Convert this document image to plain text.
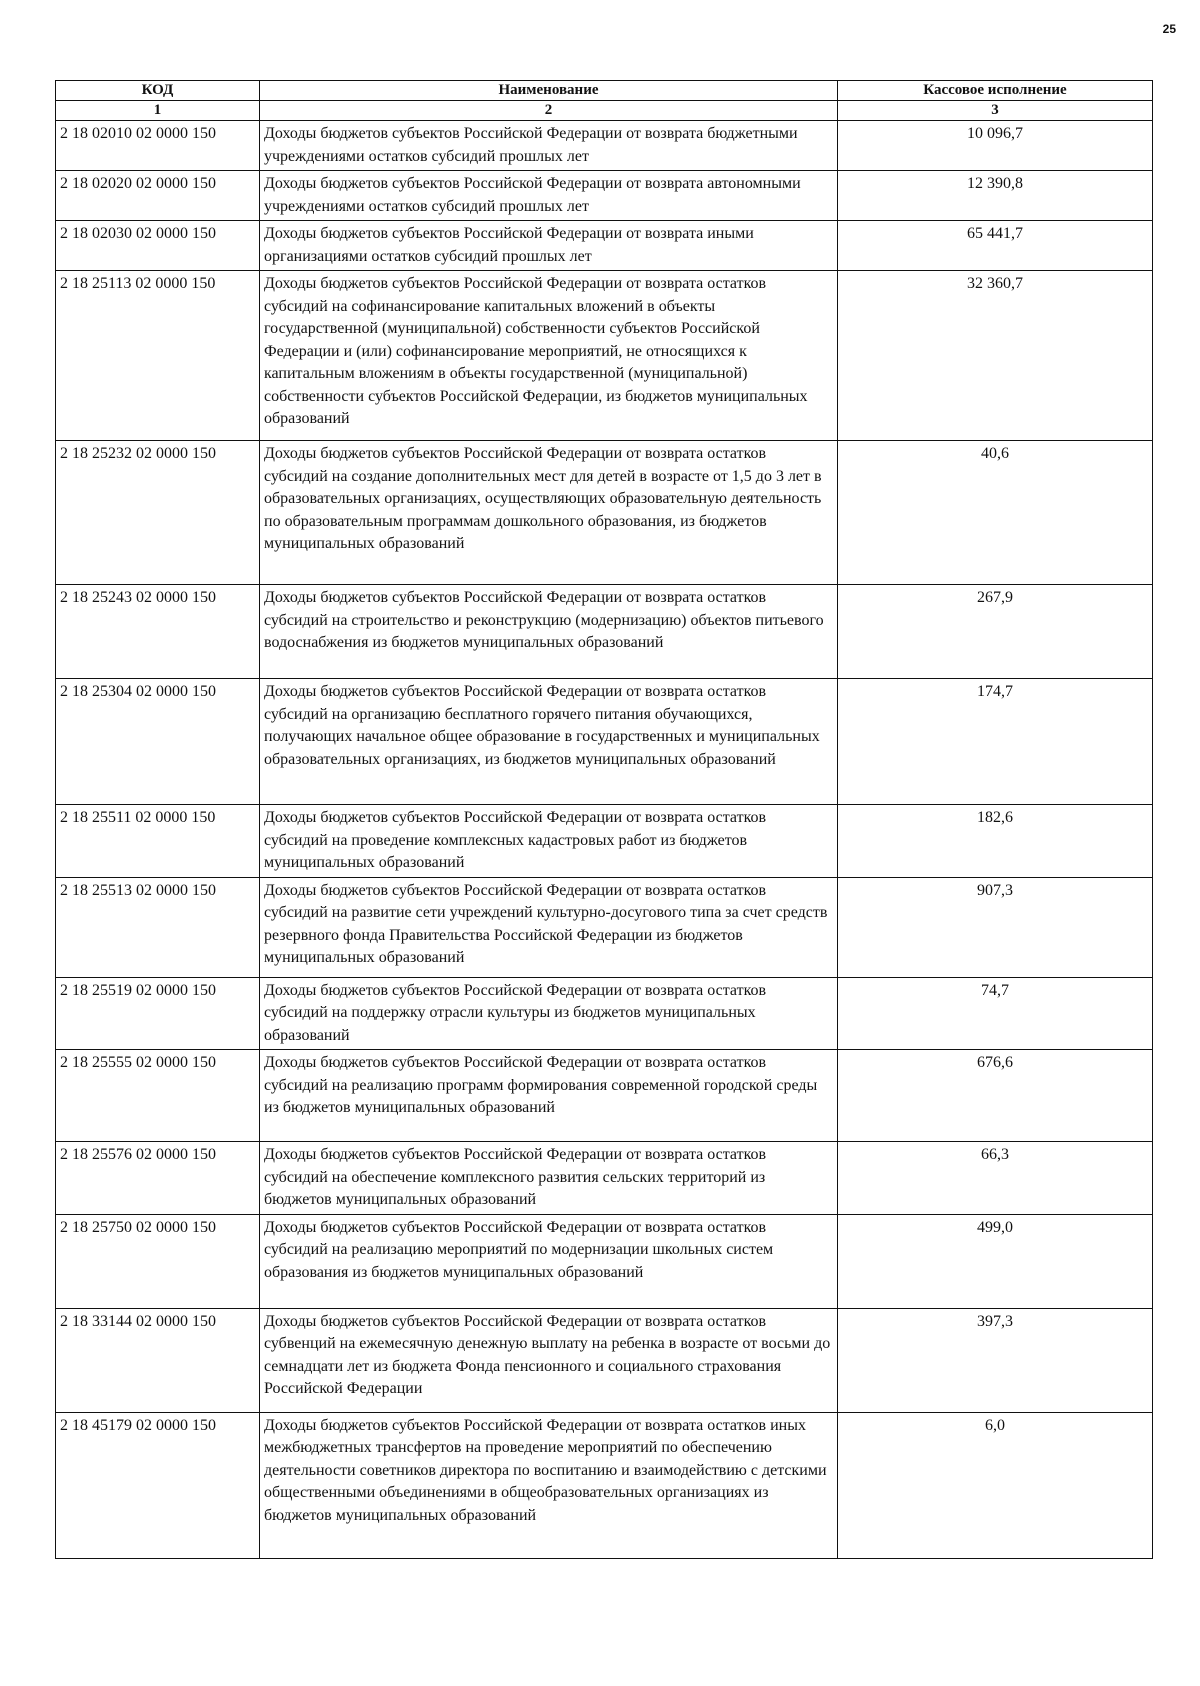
25
КОД	Наименование	Кассовое исполнение
1	2	3
2 18 02010 02 0000 150	Доходы бюджетов субъектов Российской Федерации от возврата бюджетными учреждениями остатков субсидий прошлых лет	10 096,7
2 18 02020 02 0000 150	Доходы бюджетов субъектов Российской Федерации от возврата автономными учреждениями остатков субсидий прошлых лет	12 390,8
2 18 02030 02 0000 150	Доходы бюджетов субъектов Российской Федерации от возврата иными организациями остатков субсидий прошлых лет	65 441,7
2 18 25113 02 0000 150	Доходы бюджетов субъектов Российской Федерации от возврата остатков субсидий на софинансирование капитальных вложений в объекты государственной (муниципальной) собственности субъектов Российской Федерации и (или) софинансирование мероприятий, не относящихся к капитальным вложениям в объекты государственной (муниципальной) собственности субъектов Российской Федерации, из бюджетов муниципальных образований	32 360,7
2 18 25232 02 0000 150	Доходы бюджетов субъектов Российской Федерации от возврата остатков субсидий на создание дополнительных мест для детей в возрасте от 1,5 до 3 лет в образовательных организациях, осуществляющих образовательную деятельность по образовательным программам дошкольного образования, из бюджетов муниципальных образований	40,6
2 18 25243 02 0000 150	Доходы бюджетов субъектов Российской Федерации от возврата остатков субсидий на строительство и реконструкцию (модернизацию) объектов питьевого водоснабжения из бюджетов муниципальных образований	267,9
2 18 25304 02 0000 150	Доходы бюджетов субъектов Российской Федерации от возврата остатков субсидий на организацию бесплатного горячего питания обучающихся, получающих начальное общее образование в государственных и муниципальных образовательных организациях, из бюджетов муниципальных образований	174,7
2 18 25511 02 0000 150	Доходы бюджетов субъектов Российской Федерации от возврата остатков субсидий на проведение комплексных кадастровых работ из бюджетов муниципальных образований	182,6
2 18 25513 02 0000 150	Доходы бюджетов субъектов Российской Федерации от возврата остатков субсидий на развитие сети учреждений культурно-досугового типа за счет средств резервного фонда Правительства Российской Федерации из бюджетов муниципальных образований	907,3
2 18 25519 02 0000 150	Доходы бюджетов субъектов Российской Федерации от возврата остатков субсидий на поддержку отрасли культуры из бюджетов муниципальных образований	74,7
2 18 25555 02 0000 150	Доходы бюджетов субъектов Российской Федерации от возврата остатков субсидий на реализацию программ формирования современной городской среды из бюджетов муниципальных образований	676,6
2 18 25576 02 0000 150	Доходы бюджетов субъектов Российской Федерации от возврата остатков субсидий на обеспечение комплексного развития сельских территорий из бюджетов муниципальных образований	66,3
2 18 25750 02 0000 150	Доходы бюджетов субъектов Российской Федерации от возврата остатков субсидий на реализацию мероприятий по модернизации школьных систем образования из бюджетов муниципальных образований	499,0
2 18 33144 02 0000 150	Доходы бюджетов субъектов Российской Федерации от возврата остатков субвенций на ежемесячную денежную выплату на ребенка в возрасте от восьми до семнадцати лет из бюджета Фонда пенсионного и социального страхования Российской Федерации	397,3
2 18 45179 02 0000 150	Доходы бюджетов субъектов Российской Федерации от возврата остатков иных межбюджетных трансфертов на проведение мероприятий по обеспечению деятельности советников директора по воспитанию и взаимодействию с детскими общественными объединениями в общеобразовательных организациях из бюджетов муниципальных образований	6,0
